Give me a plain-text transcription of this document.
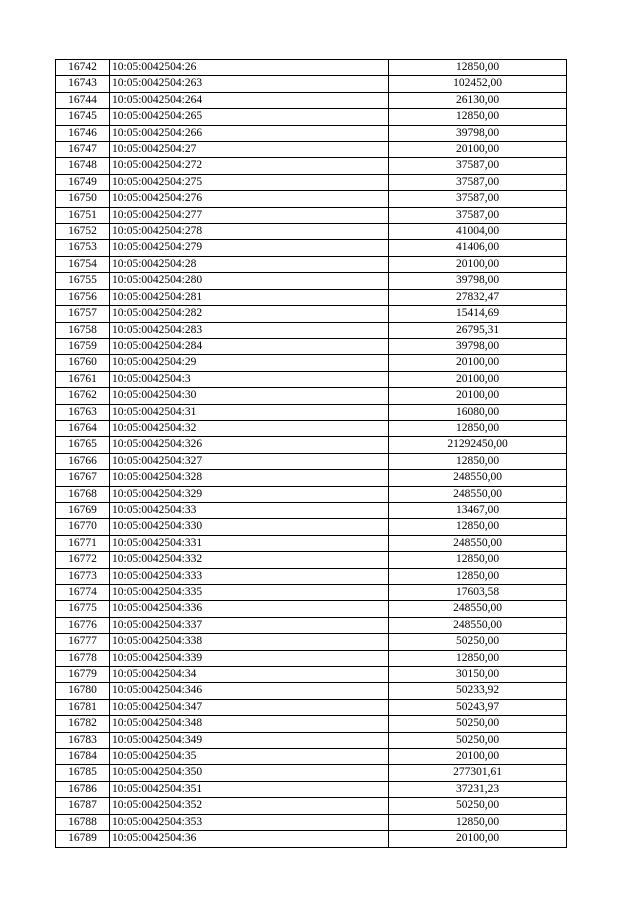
16742	10:05:0042504:26	12850,00
16743	10:05:0042504:263	102452,00
16744	10:05:0042504:264	26130,00
16745	10:05:0042504:265	12850,00
16746	10:05:0042504:266	39798,00
16747	10:05:0042504:27	20100,00
16748	10:05:0042504:272	37587,00
16749	10:05:0042504:275	37587,00
16750	10:05:0042504:276	37587,00
16751	10:05:0042504:277	37587,00
16752	10:05:0042504:278	41004,00
16753	10:05:0042504:279	41406,00
16754	10:05:0042504:28	20100,00
16755	10:05:0042504:280	39798,00
16756	10:05:0042504:281	27832,47
16757	10:05:0042504:282	15414,69
16758	10:05:0042504:283	26795,31
16759	10:05:0042504:284	39798,00
16760	10:05:0042504:29	20100,00
16761	10:05:0042504:3	20100,00
16762	10:05:0042504:30	20100,00
16763	10:05:0042504:31	16080,00
16764	10:05:0042504:32	12850,00
16765	10:05:0042504:326	21292450,00
16766	10:05:0042504:327	12850,00
16767	10:05:0042504:328	248550,00
16768	10:05:0042504:329	248550,00
16769	10:05:0042504:33	13467,00
16770	10:05:0042504:330	12850,00
16771	10:05:0042504:331	248550,00
16772	10:05:0042504:332	12850,00
16773	10:05:0042504:333	12850,00
16774	10:05:0042504:335	17603,58
16775	10:05:0042504:336	248550,00
16776	10:05:0042504:337	248550,00
16777	10:05:0042504:338	50250,00
16778	10:05:0042504:339	12850,00
16779	10:05:0042504:34	30150,00
16780	10:05:0042504:346	50233,92
16781	10:05:0042504:347	50243,97
16782	10:05:0042504:348	50250,00
16783	10:05:0042504:349	50250,00
16784	10:05:0042504:35	20100,00
16785	10:05:0042504:350	277301,61
16786	10:05:0042504:351	37231,23
16787	10:05:0042504:352	50250,00
16788	10:05:0042504:353	12850,00
16789	10:05:0042504:36	20100,00
